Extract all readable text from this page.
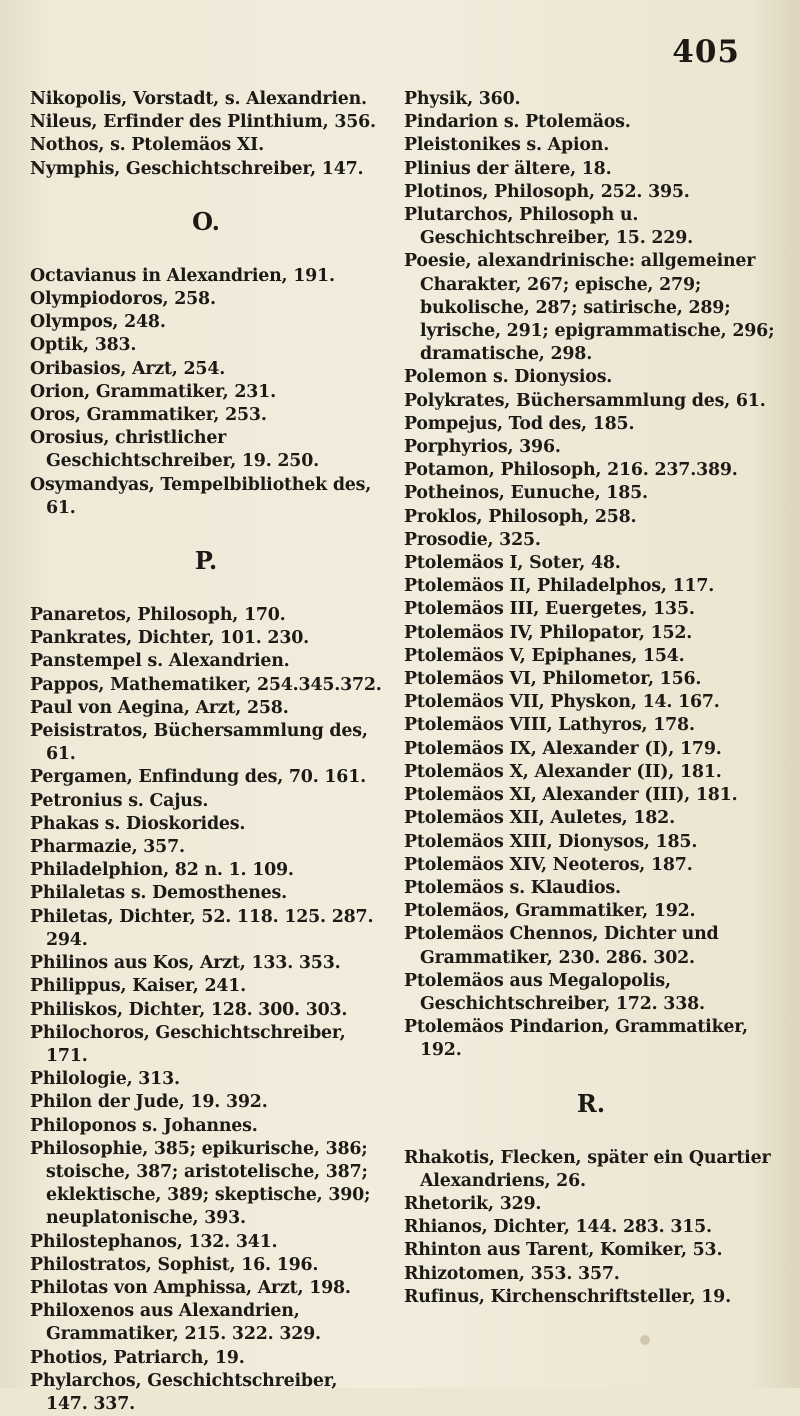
405
Nikopolis, Vorstadt, s. Alexandrien.
Nileus, Erfinder des Plinthium, 356.
Nothos, s. Ptolemäos XI.
Nymphis, Geschichtschreiber, 147.
O.
Octavianus in Alexandrien, 191.
Olympiodoros, 258.
Olympos, 248.
Optik, 383.
Oribasios, Arzt, 254.
Orion, Grammatiker, 231.
Oros, Grammatiker, 253.
Orosius, christlicher Geschichtschreiber, 19. 250.
Osymandyas, Tempelbibliothek des, 61.
P.
Panaretos, Philosoph, 170.
Pankrates, Dichter, 101. 230.
Panstempel s. Alexandrien.
Pappos, Mathematiker, 254.345.372.
Paul von Aegina, Arzt, 258.
Peisistratos, Büchersammlung des, 61.
Pergamen, Enfindung des, 70. 161.
Petronius s. Cajus.
Phakas s. Dioskorides.
Pharmazie, 357.
Philadelphion, 82 n. 1. 109.
Philaletas s. Demosthenes.
Philetas, Dichter, 52. 118. 125. 287. 294.
Philinos aus Kos, Arzt, 133. 353.
Philippus, Kaiser, 241.
Philiskos, Dichter, 128. 300. 303.
Philochoros, Geschichtschreiber, 171.
Philologie, 313.
Philon der Jude, 19. 392.
Philoponos s. Johannes.
Philosophie, 385; epikurische, 386; stoische, 387; aristotelische, 387; eklektische, 389; skeptische, 390; neuplatonische, 393.
Philostephanos, 132. 341.
Philostratos, Sophist, 16. 196.
Philotas von Amphissa, Arzt, 198.
Philoxenos aus Alexandrien, Grammatiker, 215. 322. 329.
Photios, Patriarch, 19.
Phylarchos, Geschichtschreiber, 147. 337.
Physik, 360.
Pindarion s. Ptolemäos.
Pleistonikes s. Apion.
Plinius der ältere, 18.
Plotinos, Philosoph, 252. 395.
Plutarchos, Philosoph u. Geschichtschreiber, 15. 229.
Poesie, alexandrinische: allgemeiner Charakter, 267; epische, 279; bukolische, 287; satirische, 289; lyrische, 291; epigrammatische, 296; dramatische, 298.
Polemon s. Dionysios.
Polykrates, Büchersammlung des, 61.
Pompejus, Tod des, 185.
Porphyrios, 396.
Potamon, Philosoph, 216. 237.389.
Potheinos, Eunuche, 185.
Proklos, Philosoph, 258.
Prosodie, 325.
Ptolemäos I, Soter, 48.
Ptolemäos II, Philadelphos, 117.
Ptolemäos III, Euergetes, 135.
Ptolemäos IV, Philopator, 152.
Ptolemäos V, Epiphanes, 154.
Ptolemäos VI, Philometor, 156.
Ptolemäos VII, Physkon, 14. 167.
Ptolemäos VIII, Lathyros, 178.
Ptolemäos IX, Alexander (I), 179.
Ptolemäos X, Alexander (II), 181.
Ptolemäos XI, Alexander (III), 181.
Ptolemäos XII, Auletes, 182.
Ptolemäos XIII, Dionysos, 185.
Ptolemäos XIV, Neoteros, 187.
Ptolemäos s. Klaudios.
Ptolemäos, Grammatiker, 192.
Ptolemäos Chennos, Dichter und Grammatiker, 230. 286. 302.
Ptolemäos aus Megalopolis, Geschichtschreiber, 172. 338.
Ptolemäos Pindarion, Grammatiker, 192.
R.
Rhakotis, Flecken, später ein Quartier Alexandriens, 26.
Rhetorik, 329.
Rhianos, Dichter, 144. 283. 315.
Rhinton aus Tarent, Komiker, 53.
Rhizotomen, 353. 357.
Rufinus, Kirchenschriftsteller, 19.
